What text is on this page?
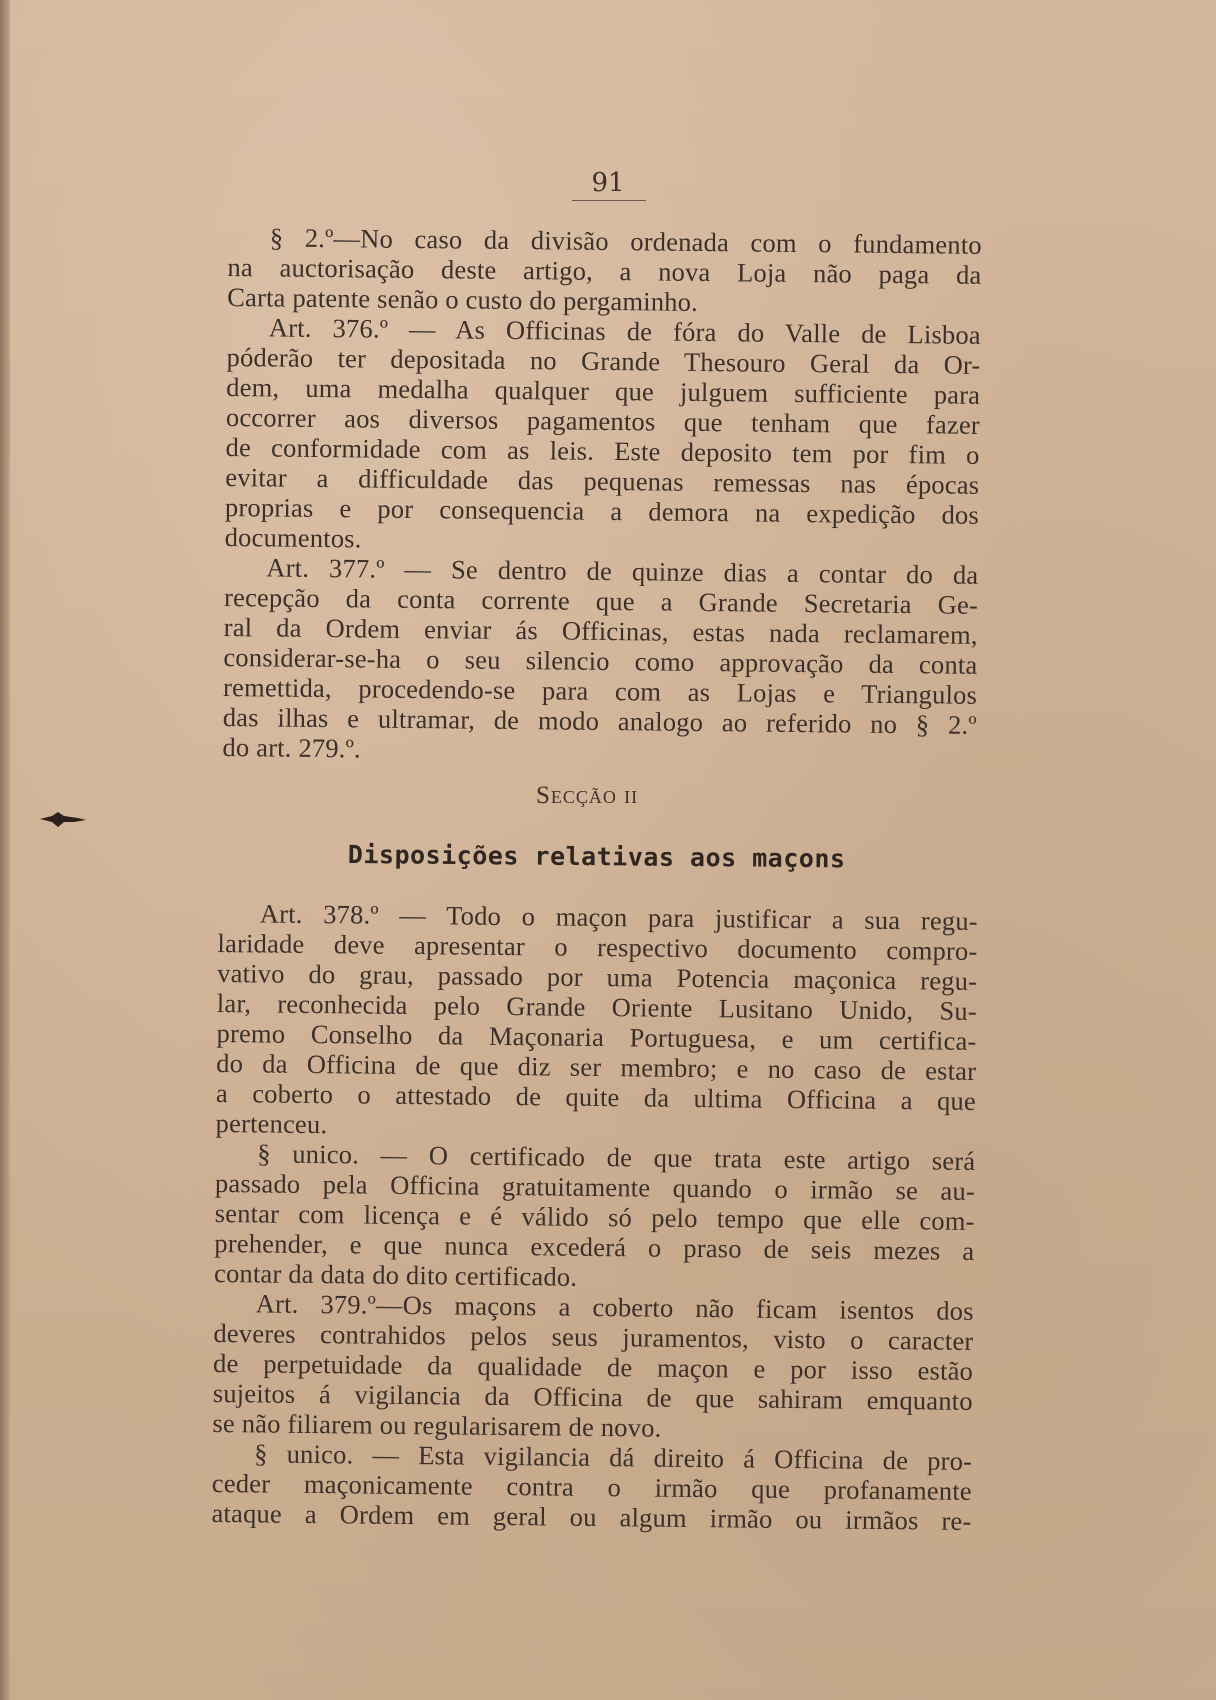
91
§ 2.º—No caso da divisão ordenada com o fundamento
na auctorisação deste artigo, a nova Loja não paga da
Carta patente senão o custo do pergaminho.
Art. 376.º — As Officinas de fóra do Valle de Lisboa
póderão ter depositada no Grande Thesouro Geral da Or-
dem, uma medalha qualquer que julguem sufficiente para
occorrer aos diversos pagamentos que tenham que fazer
de conformidade com as leis. Este deposito tem por fim o
evitar a difficuldade das pequenas remessas nas épocas
proprias e por consequencia a demora na expedição dos
documentos.
Art. 377.º — Se dentro de quinze dias a contar do da
recepção da conta corrente que a Grande Secretaria Ge-
ral da Ordem enviar ás Officinas, estas nada reclamarem,
considerar-se-ha o seu silencio como approvação da conta
remettida, procedendo-se para com as Lojas e Triangulos
das ilhas e ultramar, de modo analogo ao referido no § 2.º
do art. 279.º.
Secção ii
Disposições relativas aos maçons
Art. 378.º — Todo o maçon para justificar a sua regu-
laridade deve apresentar o respectivo documento compro-
vativo do grau, passado por uma Potencia maçonica regu-
lar, reconhecida pelo Grande Oriente Lusitano Unido, Su-
premo Conselho da Maçonaria Portuguesa, e um certifica-
do da Officina de que diz ser membro; e no caso de estar
a coberto o attestado de quite da ultima Officina a que
pertenceu.
§ unico. — O certificado de que trata este artigo será
passado pela Officina gratuitamente quando o irmão se au-
sentar com licença e é válido só pelo tempo que elle com-
prehender, e que nunca excederá o praso de seis mezes a
contar da data do dito certificado.
Art. 379.º—Os maçons a coberto não ficam isentos dos
deveres contrahidos pelos seus juramentos, visto o caracter
de perpetuidade da qualidade de maçon e por isso estão
sujeitos á vigilancia da Officina de que sahiram emquanto
se não filiarem ou regularisarem de novo.
§ unico. — Esta vigilancia dá direito á Officina de pro-
ceder maçonicamente contra o irmão que profanamente
ataque a Ordem em geral ou algum irmão ou irmãos re-
